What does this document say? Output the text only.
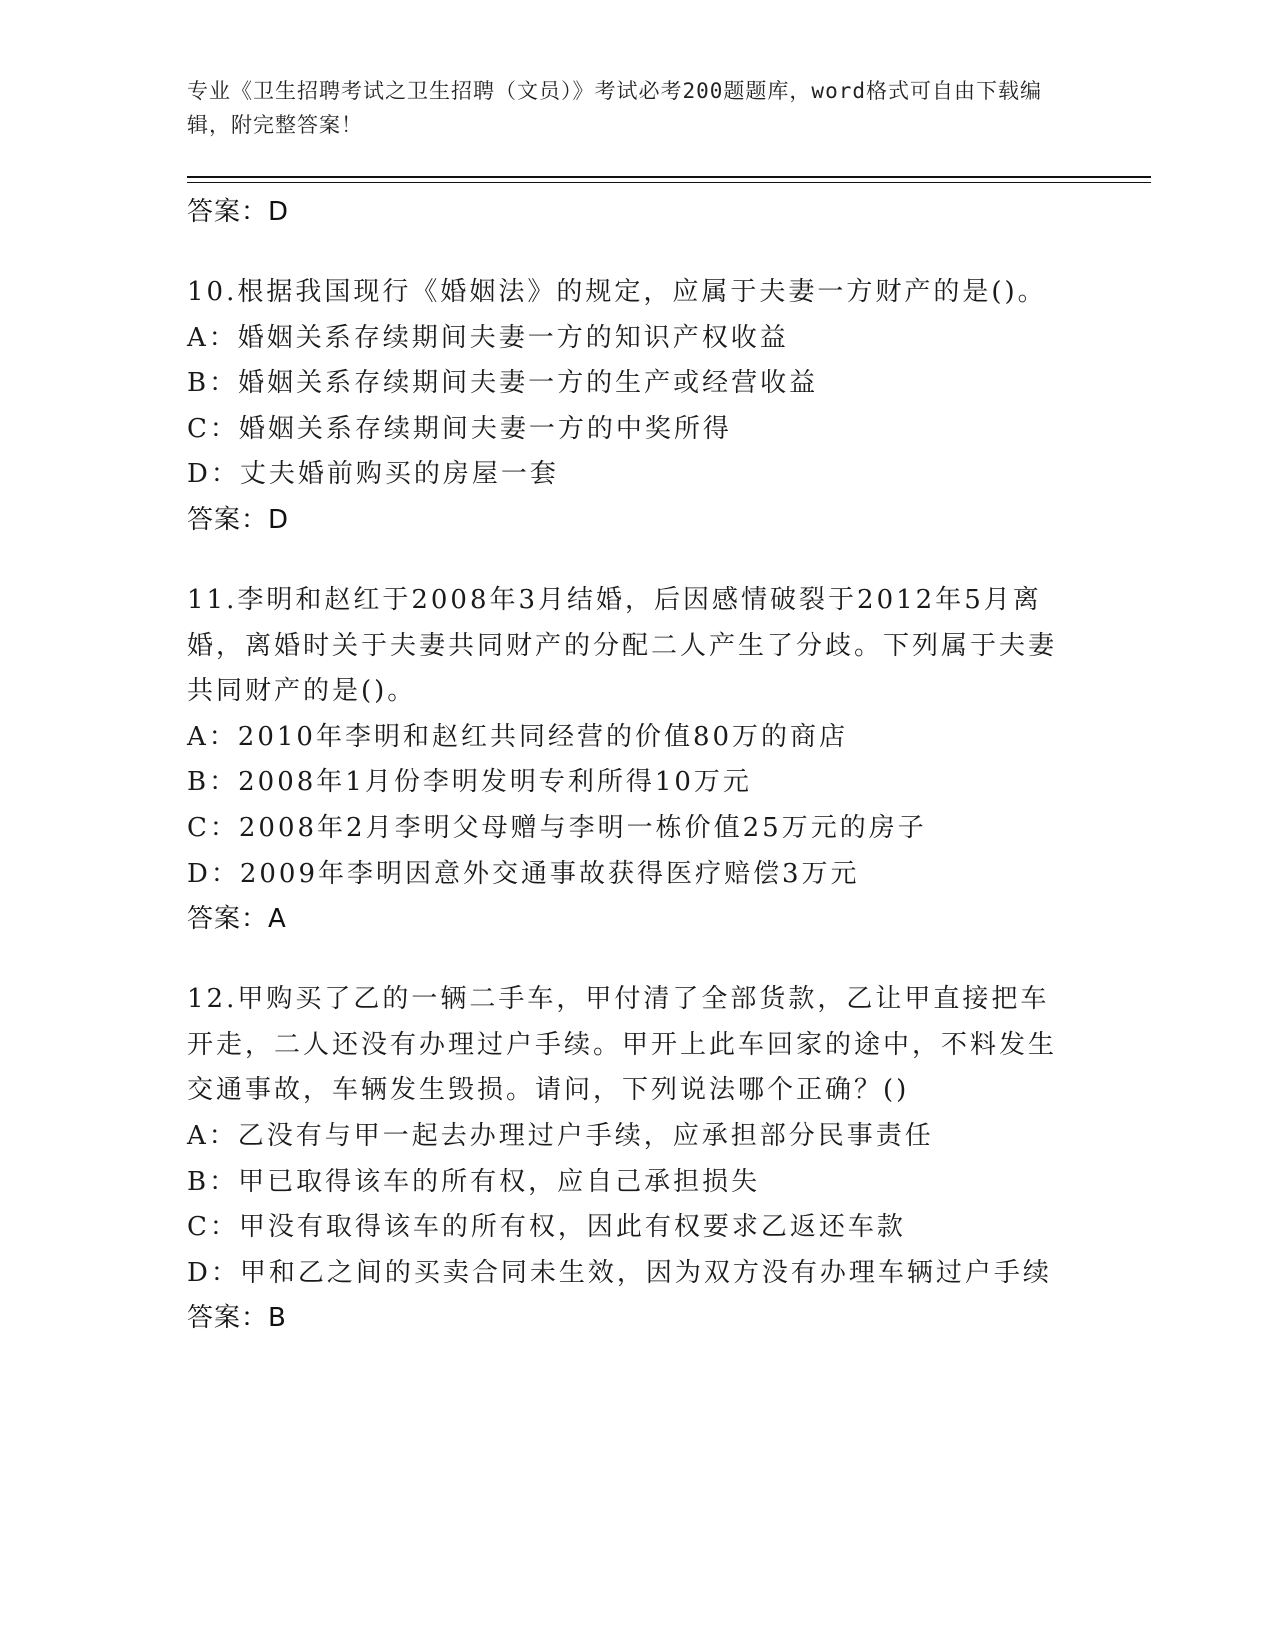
专业《卫生招聘考试之卫生招聘（文员）》考试必考200题题库，word格式可自由下载编辑，附完整答案！
答案：D
10.根据我国现行《婚姻法》的规定，应属于夫妻一方财产的是()。
A：婚姻关系存续期间夫妻一方的知识产权收益
B：婚姻关系存续期间夫妻一方的生产或经营收益
C：婚姻关系存续期间夫妻一方的中奖所得
D：丈夫婚前购买的房屋一套
答案：D
11.李明和赵红于2008年3月结婚，后因感情破裂于2012年5月离婚，离婚时关于夫妻共同财产的分配二人产生了分歧。下列属于夫妻共同财产的是()。
A：2010年李明和赵红共同经营的价值80万的商店
B：2008年1月份李明发明专利所得10万元
C：2008年2月李明父母赠与李明一栋价值25万元的房子
D：2009年李明因意外交通事故获得医疗赔偿3万元
答案：A
12.甲购买了乙的一辆二手车，甲付清了全部货款，乙让甲直接把车开走，二人还没有办理过户手续。甲开上此车回家的途中，不料发生交通事故，车辆发生毁损。请问，下列说法哪个正确？()
A：乙没有与甲一起去办理过户手续，应承担部分民事责任
B：甲已取得该车的所有权，应自己承担损失
C：甲没有取得该车的所有权，因此有权要求乙返还车款
D：甲和乙之间的买卖合同未生效，因为双方没有办理车辆过户手续
答案：B
